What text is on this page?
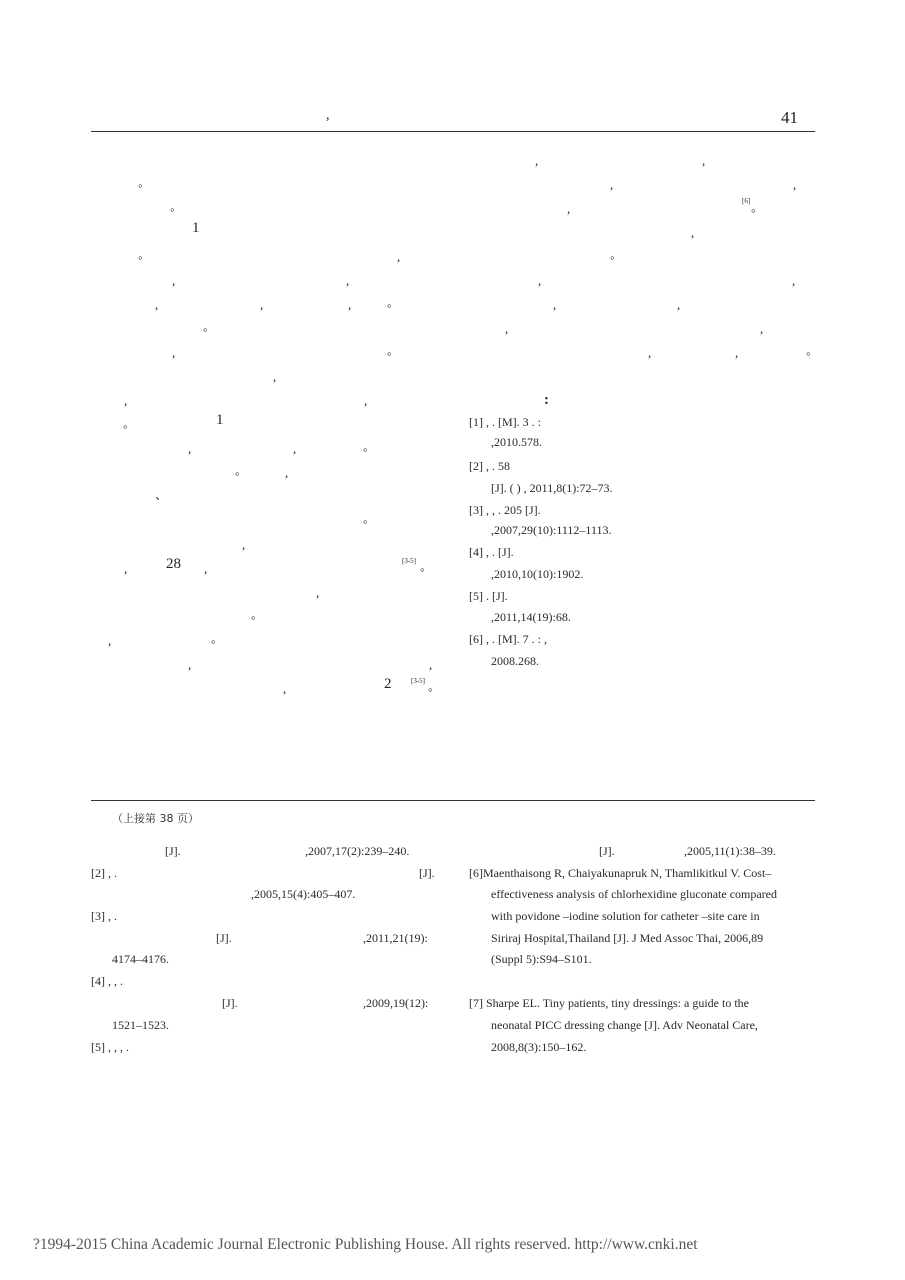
,	41
◦
◦
1
◦	,
,	,
,	,	,	◦
◦
,	◦
,
,	,
◦	1
,	,	◦
◦	,
、
◦
,
,	28 ,	[3-5]
◦
,
◦
,	◦
,	,
,	2	[3-5]
◦
,	,
,	,
,	[6]
◦
,
◦
,	,
,	,
,	,
,	,	◦
:
[1] , . [M]. 3 . :
,2010.578.
[2] , . 58
[J]. ( ) , 2011,8(1):72–73.
[3] , , . 205 [J].
,2007,29(10):1112–1113.
[4] , . [J].
,2010,10(10):1902.
[5] . [J].
,2011,14(19):68.
[6] , . [M]. 7 . : ,
2008.268.
（上接第 38 页）
[J].	,2007,17(2):239–240.
[2] , .	[J].
,2005,15(4):405–407.
[3] , .
[J].	,2011,21(19):
4174–4176.
[4] , , .
[J].	,2009,19(12):
1521–1523.
[5] , , , .
[J].	,2005,11(1):38–39.
[6]Maenthaisong R, Chaiyakunapruk N, Thamlikitkul V. Cost–
effectiveness analysis of chlorhexidine gluconate compared
with povidone –iodine solution for catheter –site care in
Siriraj Hospital,Thailand [J]. J Med Assoc Thai, 2006,89
(Suppl 5):S94–S101.
[7] Sharpe EL. Tiny patients, tiny dressings: a guide to the
neonatal PICC dressing change [J]. Adv Neonatal Care,
2008,8(3):150–162.
?1994-2015 China Academic Journal Electronic Publishing House. All rights reserved. http://www.cnki.net
